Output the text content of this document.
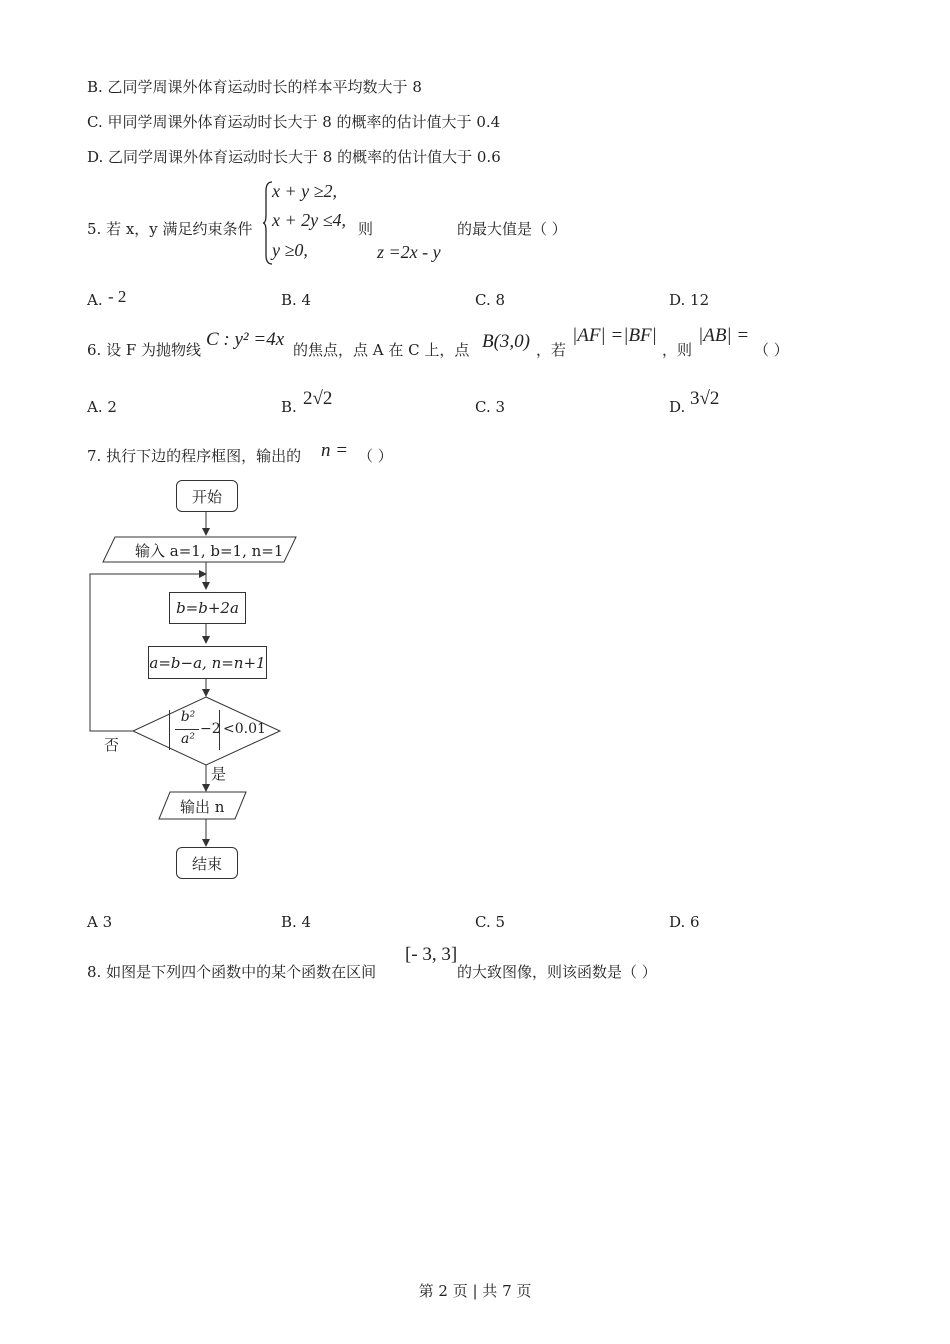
B. 乙同学周课外体育运动时长的样本平均数大于 8
C. 甲同学周课外体育运动时长大于 8 的概率的估计值大于 0.4
D. 乙同学周课外体育运动时长大于 8 的概率的估计值大于 0.6
5. 若 x，y 满足约束条件
x + y ≥2,
x + 2y ≤4,
y ≥0,
则
z =2x - y
的最大值是（ ）
A. - 2	B. 4	C. 8	D. 12
6. 设 F 为抛物线 C : y² =4x 的焦点，点 A 在 C 上，点 B(3,0) ，若
|AF| =|BF|
，则
|AB| =
（ ）
A. 2	B. 2√2	C. 3	D. 3√2
7. 执行下边的程序框图，输出的 n = （ ）
开始
输入 a=1, b=1, n=1
b=b+2a
a=b−a, n=n+1
b²
a²
−2 <0.01
否
是
输出 n
结束
A 3	B. 4	C. 5	D. 6
8. 如图是下列四个函数中的某个函数在区间
[- 3, 3]
的大致图像，则该函数是（ ）
第 2 页 | 共 7 页
